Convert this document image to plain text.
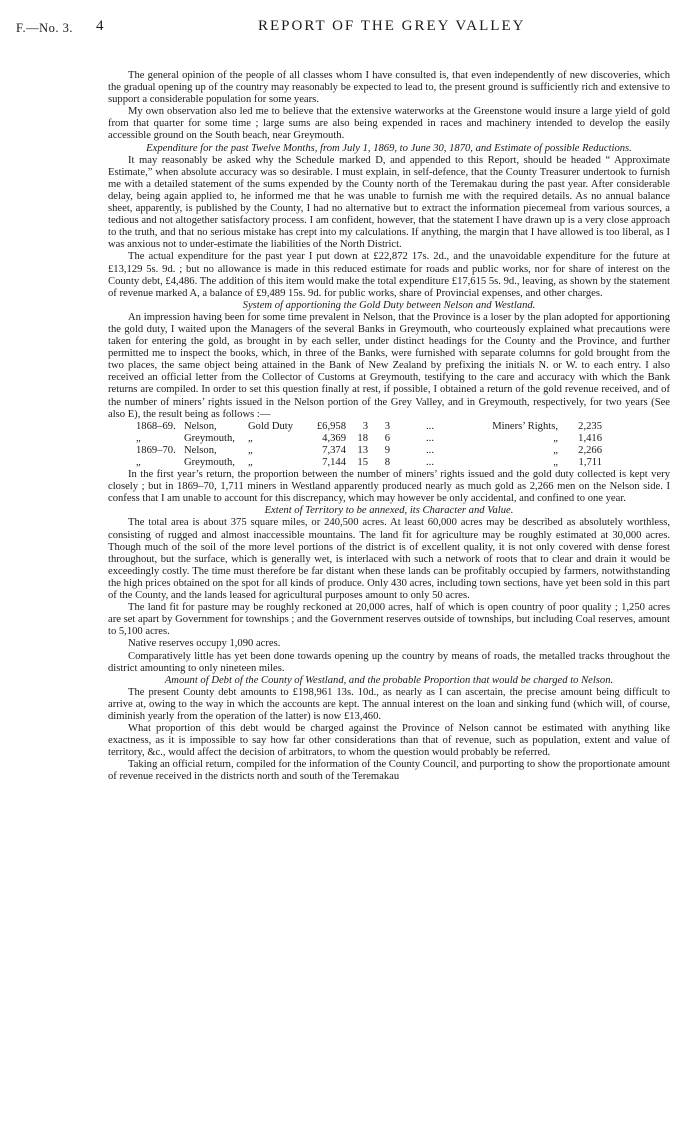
F.—No. 3. 4	REPORT OF THE GREY VALLEY

The general opinion of the people of all classes whom I have consulted is, that even independently of new discoveries, which the gradual opening up of the country may reasonably be expected to lead to, the present ground is sufficiently rich and extensive to support a considerable population for some years.

My own observation also led me to believe that the extensive waterworks at the Greenstone would insure a large yield of gold from that quarter for some time ; large sums are also being expended in races and machinery intended to develop the easily accessible ground on the South beach, near Greymouth.

Expenditure for the past Twelve Months, from July 1, 1869, to June 30, 1870, and Estimate of possible Reductions.

It may reasonably be asked why the Schedule marked D, and appended to this Report, should be headed “ Approximate Estimate,” when absolute accuracy was so desirable. I must explain, in self-defence, that the County Treasurer undertook to furnish me with a detailed statement of the sums expended by the County north of the Teremakau during the past year. After considerable delay, being again applied to, he informed me that he was unable to furnish me with the required details. As no annual balance sheet, apparently, is published by the County, I had no alternative but to extract the information piecemeal from various sources, a tedious and not altogether satisfactory process. I am confident, however, that the statement I have drawn up is a very close approach to the truth, and that no serious mistake has crept into my calculations. If anything, the margin that I have allowed is too liberal, as I was anxious not to under-estimate the liabilities of the North District.

The actual expenditure for the past year I put down at £22,872 17s. 2d., and the unavoidable expenditure for the future at £13,129 5s. 9d. ; but no allowance is made in this reduced estimate for roads and public works, nor for share of interest on the County debt, £4,486. The addition of this item would make the total expenditure £17,615 5s. 9d., leaving, as shown by the statement of revenue marked A, a balance of £9,489 15s. 9d. for public works, share of Provincial expenses, and other charges.

System of apportioning the Gold Duty between Nelson and Westland.

An impression having been for some time prevalent in Nelson, that the Province is a loser by the plan adopted for apportioning the gold duty, I waited upon the Managers of the several Banks in Greymouth, who courteously explained what precautions were taken for entering the gold, as brought in by each seller, under distinct headings for the County and the Province, and further permitted me to inspect the books, which, in three of the Banks, were furnished with separate columns for gold brought from the two places, the same object being attained in the Bank of New Zealand by prefixing the initials N. or W. to each entry. I also received an official letter from the Collector of Customs at Greymouth, testifying to the care and accuracy with which the Bank returns are compiled. In order to set this question finally at rest, if possible, I obtained a return of the gold revenue received, and of the number of miners’ rights issued in the Nelson portion of the Grey Valley, and in Greymouth, respectively, for two years (See also E), the result being as follows :—

1868–69.	Nelson,	Gold Duty	£6,958	3	3	...	Miners’ Rights,	2,235
„	Greymouth,	„	4,369	18	6	...	„	1,416
1869–70.	Nelson,	„	7,374	13	9	...	„	2,266
„	Greymouth,	„	7,144	15	8	...	„	1,711

In the first year’s return, the proportion between the number of miners’ rights issued and the gold duty collected is kept very closely ; but in 1869–70, 1,711 miners in Westland apparently produced nearly as much gold as 2,266 men on the Nelson side. I confess that I am unable to account for this discrepancy, which may however be only accidental, and confined to one year.

Extent of Territory to be annexed, its Character and Value.

The total area is about 375 square miles, or 240,500 acres. At least 60,000 acres may be described as absolutely worthless, consisting of rugged and almost inaccessible mountains. The land fit for agriculture may be roughly estimated at 30,000 acres. Though much of the soil of the more level portions of the district is of excellent quality, it is not only covered with dense forest throughout, but the surface, which is generally wet, is interlaced with such a network of roots that to clear and drain it would be exceedingly costly. The time must therefore be far distant when these lands can be profitably occupied by farmers, notwithstanding the high prices obtained on the spot for all kinds of produce. Only 430 acres, including town sections, have yet been sold in this part of the County, and the lands leased for agricultural purposes amount to only 50 acres.

The land fit for pasture may be roughly reckoned at 20,000 acres, half of which is open country of poor quality ; 1,250 acres are set apart by Government for townships ; and the Government reserves outside of townships, but including Coal reserves, amount to 5,100 acres.

Native reserves occupy 1,090 acres.

Comparatively little has yet been done towards opening up the country by means of roads, the metalled tracks throughout the district amounting to only nineteen miles.

Amount of Debt of the County of Westland, and the probable Proportion that would be charged to Nelson.

The present County debt amounts to £198,961 13s. 10d., as nearly as I can ascertain, the precise amount being difficult to arrive at, owing to the way in which the accounts are kept. The annual interest on the loan and sinking fund (which will, of course, diminish yearly from the operation of the latter) is now £13,460.

What proportion of this debt would be charged against the Province of Nelson cannot be estimated with anything like exactness, as it is impossible to say how far other considerations than that of revenue, such as population, extent and value of territory, &c., would affect the decision of arbitrators, to whom the question would probably be referred.

Taking an official return, compiled for the information of the County Council, and purporting to show the proportionate amount of revenue received in the districts north and south of the Teremakau
